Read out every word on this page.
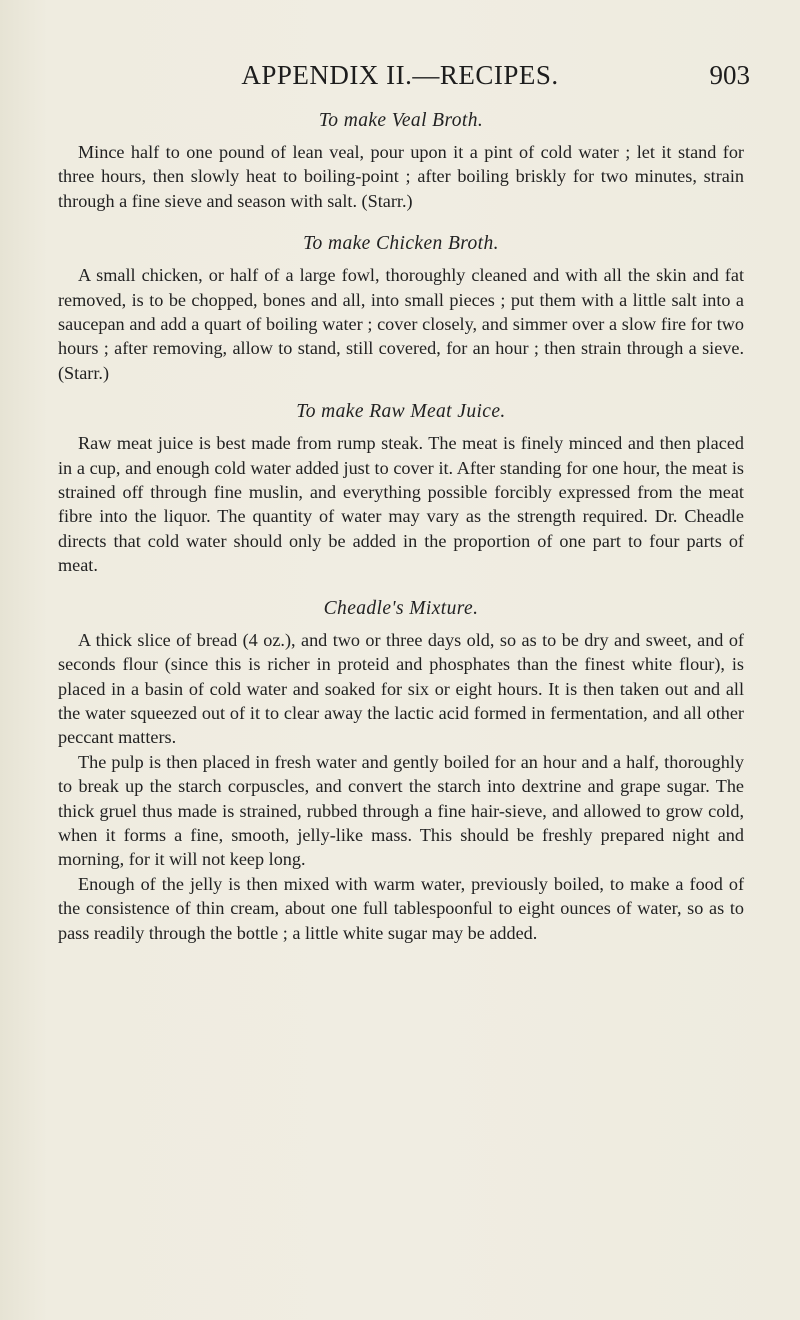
APPENDIX II.—RECIPES.	903
To make Veal Broth.

Mince half to one pound of lean veal, pour upon it a pint of cold water ; let it stand for three hours, then slowly heat to boiling-point ; after boiling briskly for two minutes, strain through a fine sieve and season with salt. (Starr.)

To make Chicken Broth.

A small chicken, or half of a large fowl, thoroughly cleaned and with all the skin and fat removed, is to be chopped, bones and all, into small pieces ; put them with a little salt into a saucepan and add a quart of boiling water ; cover closely, and simmer over a slow fire for two hours ; after removing, allow to stand, still covered, for an hour ; then strain through a sieve. (Starr.)

To make Raw Meat Juice.

Raw meat juice is best made from rump steak. The meat is finely minced and then placed in a cup, and enough cold water added just to cover it. After standing for one hour, the meat is strained off through fine muslin, and everything possible forcibly expressed from the meat fibre into the liquor. The quantity of water may vary as the strength required. Dr. Cheadle directs that cold water should only be added in the proportion of one part to four parts of meat.

Cheadle's Mixture.

A thick slice of bread (4 oz.), and two or three days old, so as to be dry and sweet, and of seconds flour (since this is richer in proteid and phosphates than the finest white flour), is placed in a basin of cold water and soaked for six or eight hours. It is then taken out and all the water squeezed out of it to clear away the lactic acid formed in fermentation, and all other peccant matters.

The pulp is then placed in fresh water and gently boiled for an hour and a half, thoroughly to break up the starch corpuscles, and convert the starch into dextrine and grape sugar. The thick gruel thus made is strained, rubbed through a fine hair-sieve, and allowed to grow cold, when it forms a fine, smooth, jelly-like mass. This should be freshly prepared night and morning, for it will not keep long.

Enough of the jelly is then mixed with warm water, previously boiled, to make a food of the consistence of thin cream, about one full tablespoonful to eight ounces of water, so as to pass readily through the bottle ; a little white sugar may be added.
